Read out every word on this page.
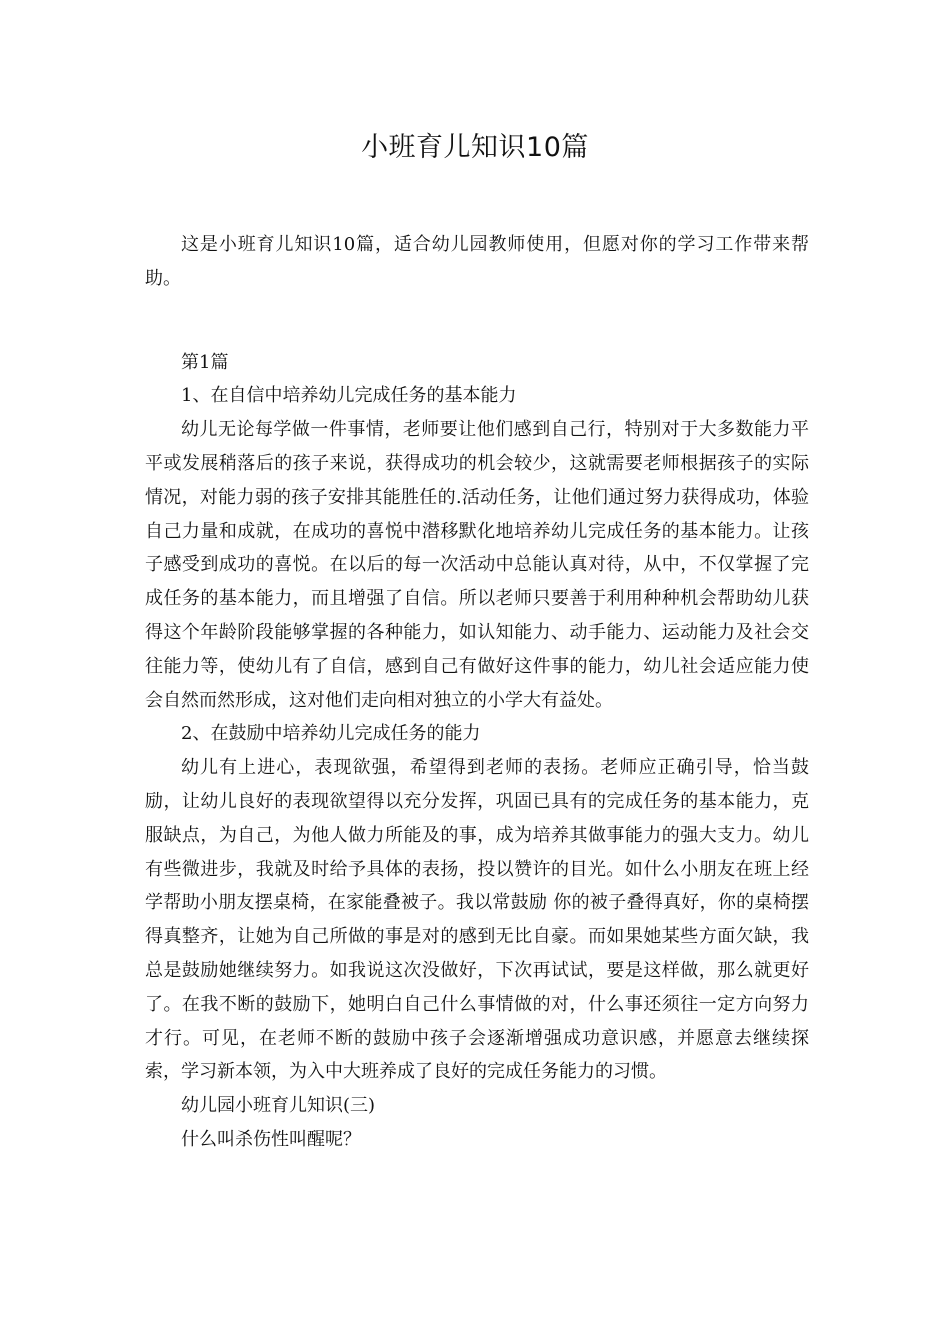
小班育儿知识10篇

这是小班育儿知识10篇，适合幼儿园教师使用，但愿对你的学习工作带来帮助。

第1篇

1、在自信中培养幼儿完成任务的基本能力

幼儿无论每学做一件事情，老师要让他们感到自己行，特别对于大多数能力平平或发展稍落后的孩子来说，获得成功的机会较少，这就需要老师根据孩子的实际情况，对能力弱的孩子安排其能胜任的.活动任务，让他们通过努力获得成功，体验自己力量和成就，在成功的喜悦中潜移默化地培养幼儿完成任务的基本能力。让孩子感受到成功的喜悦。在以后的每一次活动中总能认真对待，从中，不仅掌握了完成任务的基本能力，而且增强了自信。所以老师只要善于利用种种机会帮助幼儿获得这个年龄阶段能够掌握的各种能力，如认知能力、动手能力、运动能力及社会交往能力等，使幼儿有了自信，感到自己有做好这件事的能力，幼儿社会适应能力使会自然而然形成，这对他们走向相对独立的小学大有益处。

2、在鼓励中培养幼儿完成任务的能力

幼儿有上进心，表现欲强，希望得到老师的表扬。老师应正确引导，恰当鼓励，让幼儿良好的表现欲望得以充分发挥，巩固已具有的完成任务的基本能力，克服缺点，为自己，为他人做力所能及的事，成为培养其做事能力的强大支力。幼儿有些微进步，我就及时给予具体的表扬，投以赞许的目光。如什么小朋友在班上经学帮助小朋友摆桌椅，在家能叠被子。我以常鼓励 你的被子叠得真好，你的桌椅摆得真整齐，让她为自己所做的事是对的感到无比自豪。而如果她某些方面欠缺，我总是鼓励她继续努力。如我说这次没做好，下次再试试，要是这样做，那么就更好了。在我不断的鼓励下，她明白自己什么事情做的对，什么事还须往一定方向努力才行。可见，在老师不断的鼓励中孩子会逐渐增强成功意识感，并愿意去继续探索，学习新本领，为入中大班养成了良好的完成任务能力的习惯。

幼儿园小班育儿知识(三)

什么叫杀伤性叫醒呢？
